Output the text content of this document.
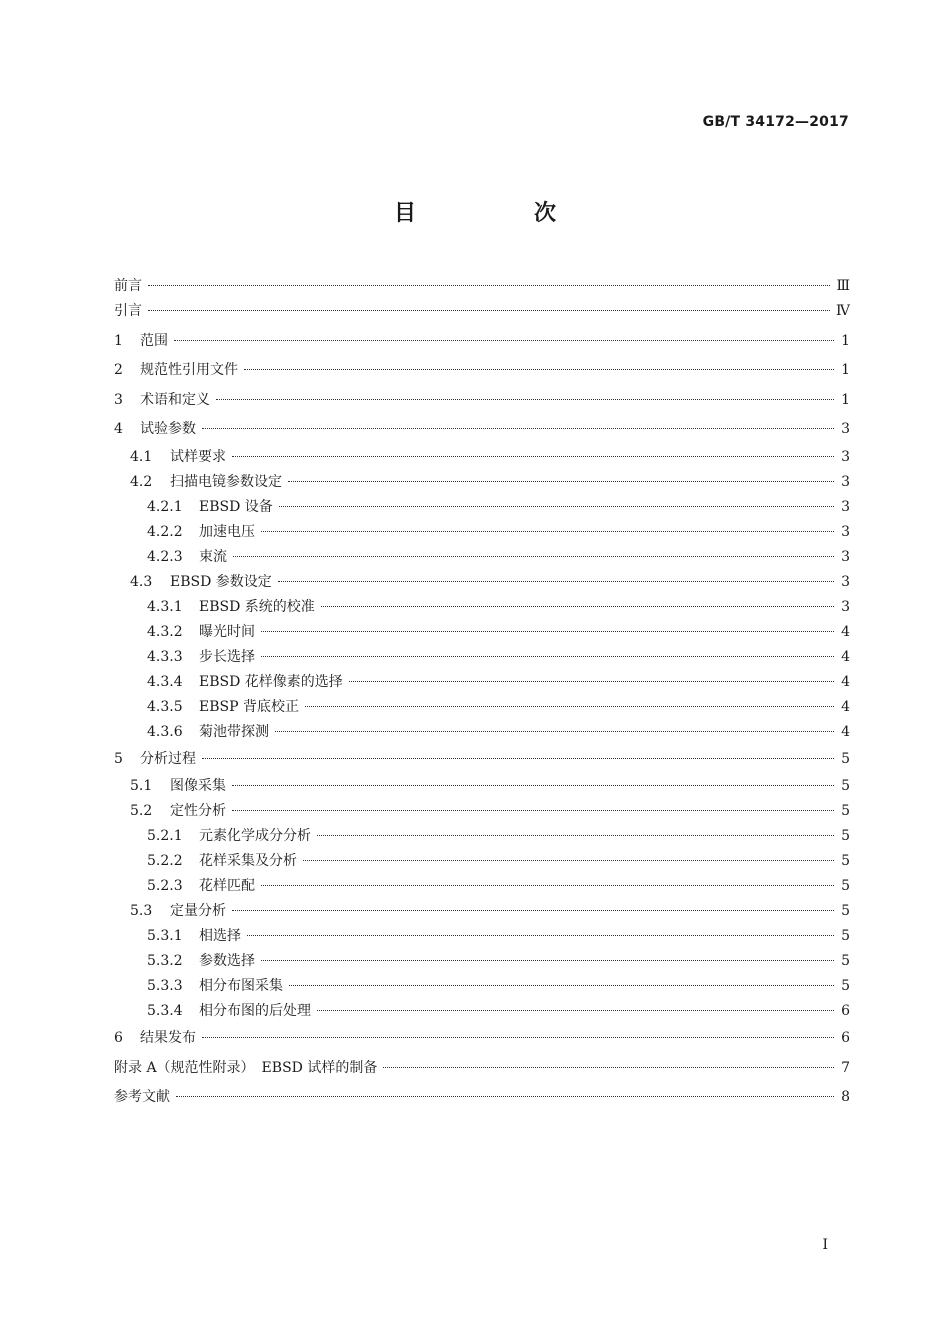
GB/T 34172—2017
目　次
前言	Ⅲ
引言	Ⅳ
1 范围	1
2 规范性引用文件	1
3 术语和定义	1
4 试验参数	3
4.1 试样要求	3
4.2 扫描电镜参数设定	3
4.2.1 EBSD 设备	3
4.2.2 加速电压	3
4.2.3 束流	3
4.3 EBSD 参数设定	3
4.3.1 EBSD 系统的校准	3
4.3.2 曝光时间	4
4.3.3 步长选择	4
4.3.4 EBSD 花样像素的选择	4
4.3.5 EBSP 背底校正	4
4.3.6 菊池带探测	4
5 分析过程	5
5.1 图像采集	5
5.2 定性分析	5
5.2.1 元素化学成分分析	5
5.2.2 花样采集及分析	5
5.2.3 花样匹配	5
5.3 定量分析	5
5.3.1 相选择	5
5.3.2 参数选择	5
5.3.3 相分布图采集	5
5.3.4 相分布图的后处理	6
6 结果发布	6
附录 A（规范性附录）　EBSD 试样的制备	7
参考文献	8
Ⅰ
